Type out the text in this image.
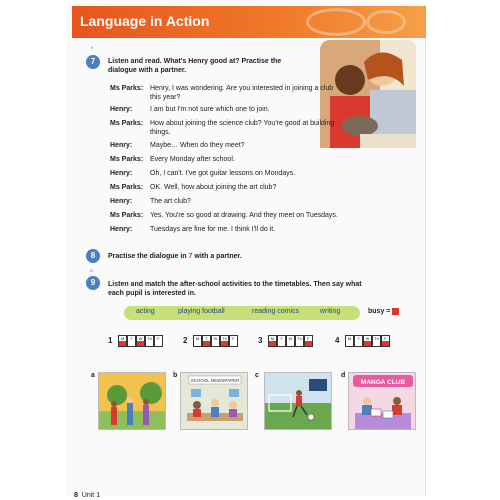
Language in Action
9
7	Listen and read. What's Henry good at? Practise the dialogue with a partner.
Ms Parks: Henry, I was wondering. Are you interested in joining a club this year?
Henry:	I am but I'm not sure which one to join.
Ms Parks: How about joining the science club? You're good at building things.
Henry:	Maybe… When do they meet?
Ms Parks: Every Monday after school.
Henry:	Oh, I can't. I've got guitar lessons on Mondays.
Ms Parks: OK. Well, how about joining the art club?
Henry:	The art club?
Ms Parks: Yes. You're so good at drawing. And they meet on Tuesdays.
Henry:	Tuesdays are fine for me. I think I'll do it.
8	Practise the dialogue in 7 with a partner.
10
9	Listen and match the after-school activities to the timetables. Then say what each pupil is interested in.
acting	playing football	reading comics	writing	busy =
1	M	T	W	Th	F	2	M	T	W	Th	F	3	M	T	W	Th	F	4	M	T	W	Th	F
a	b
SCHOOL NEWSPAPER
c	d
MANGA CLUB
8 Unit 1
